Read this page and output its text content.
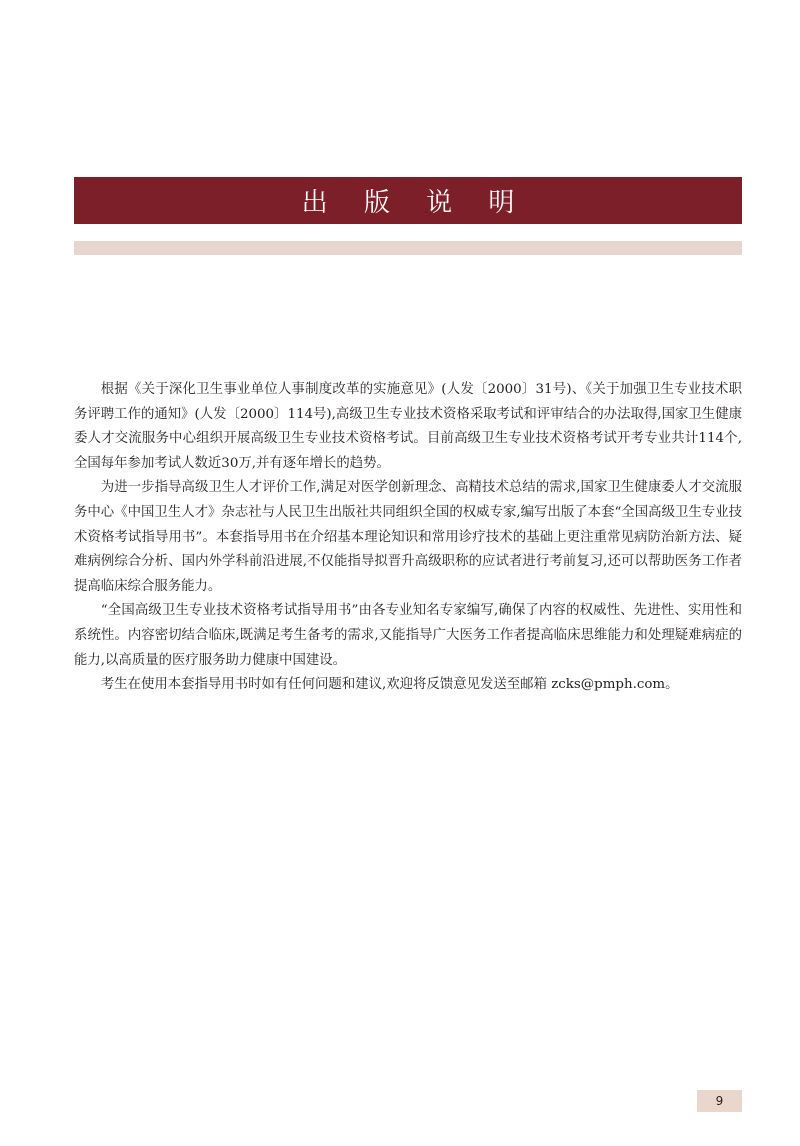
出 版 说 明

根据《关于深化卫生事业单位人事制度改革的实施意见》(人发〔2000〕31号)、《关于加强卫生专业技术职务评聘工作的通知》(人发〔2000〕114号),高级卫生专业技术资格采取考试和评审结合的办法取得,国家卫生健康委人才交流服务中心组织开展高级卫生专业技术资格考试。目前高级卫生专业技术资格考试开考专业共计114个,全国每年参加考试人数近30万,并有逐年增长的趋势。

为进一步指导高级卫生人才评价工作,满足对医学创新理念、高精技术总结的需求,国家卫生健康委人才交流服务中心《中国卫生人才》杂志社与人民卫生出版社共同组织全国的权威专家,编写出版了本套“全国高级卫生专业技术资格考试指导用书”。本套指导用书在介绍基本理论知识和常用诊疗技术的基础上更注重常见病防治新方法、疑难病例综合分析、国内外学科前沿进展,不仅能指导拟晋升高级职称的应试者进行考前复习,还可以帮助医务工作者提高临床综合服务能力。

“全国高级卫生专业技术资格考试指导用书”由各专业知名专家编写,确保了内容的权威性、先进性、实用性和系统性。内容密切结合临床,既满足考生备考的需求,又能指导广大医务工作者提高临床思维能力和处理疑难病症的能力,以高质量的医疗服务助力健康中国建设。

考生在使用本套指导用书时如有任何问题和建议,欢迎将反馈意见发送至邮箱 zcks@pmph.com。

9
